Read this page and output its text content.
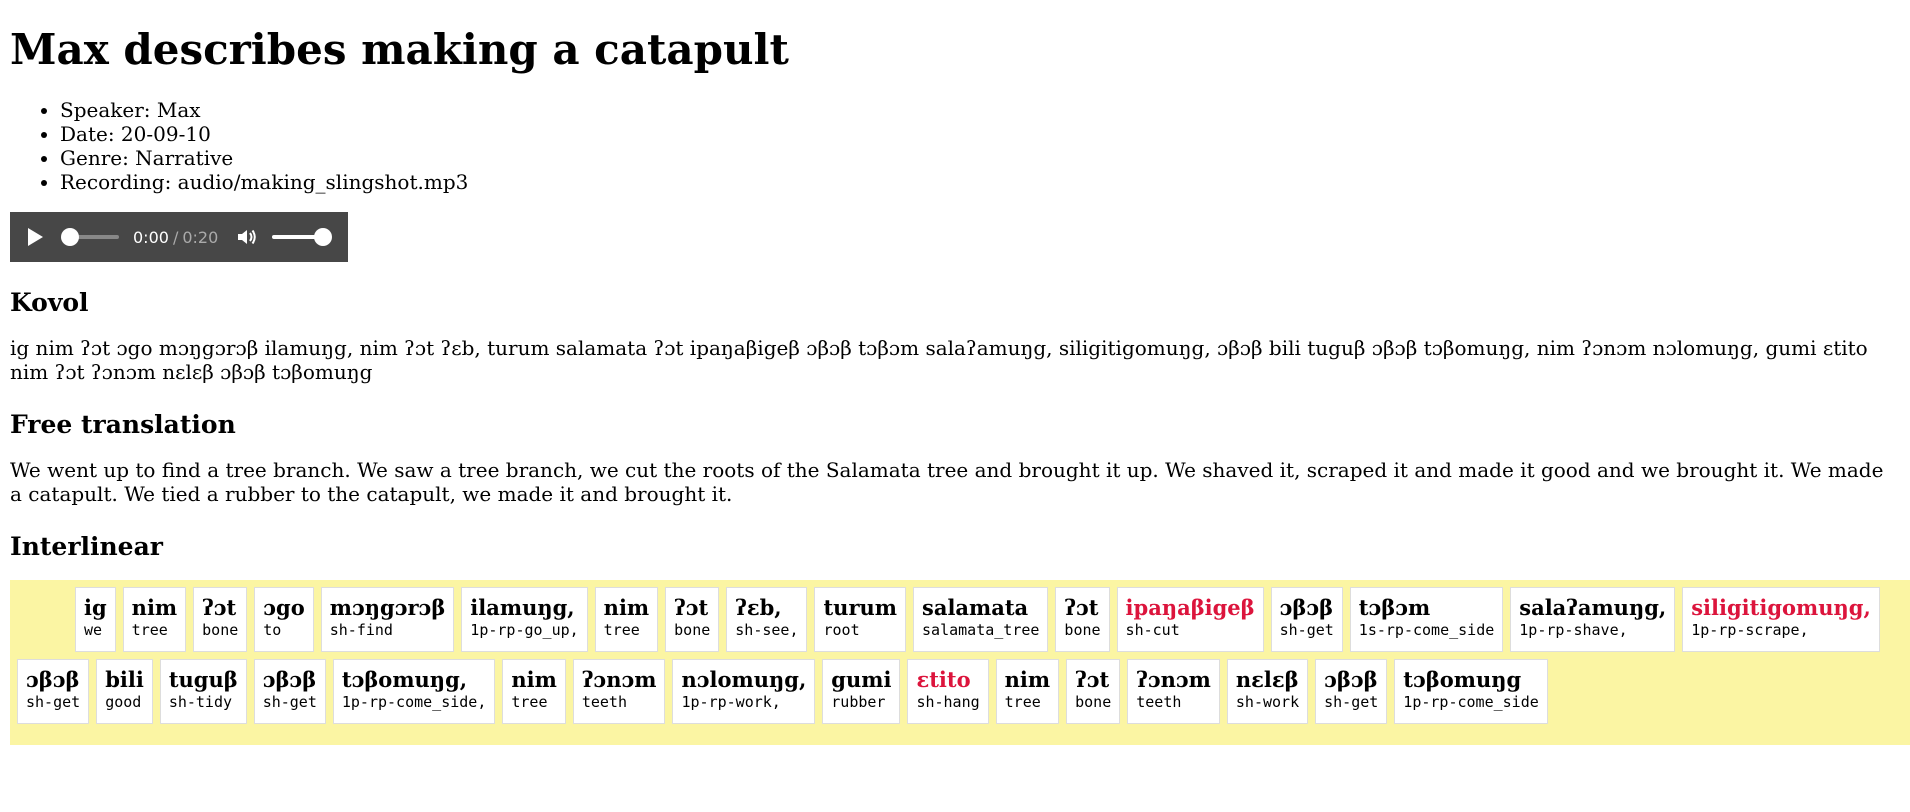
Max describes making a catapult
• Speaker: Max
• Date: 20-09-10
• Genre: Narrative
• Recording: audio/making_slingshot.mp3
0:00 / 0:20
Kovol

ig nim ʔɔt ɔgo mɔŋgɔrɔβ ilamuŋg, nim ʔɔt ʔɛb, turum salamata ʔɔt ipaŋaβigeβ ɔβɔβ tɔβɔm salaʔamuŋg, siligitigomuŋg, ɔβɔβ bili tuguβ ɔβɔβ tɔβomuŋg, nim ʔɔnɔm nɔlomuŋg, gumi ɛtito nim ʔɔt ʔɔnɔm nɛlɛβ ɔβɔβ tɔβomuŋg

Free translation

We went up to find a tree branch. We saw a tree branch, we cut the roots of the Salamata tree and brought it up. We shaved it, scraped it and made it good and we brought it. We made a catapult. We tied a rubber to the catapult, we made it and brought it.

Interlinear
ig
we
nim
tree
ʔɔt
bone
ɔgo
to
mɔŋgɔrɔβ
sh-find
ilamuŋg,
1p-rp-go_up,
nim
tree
ʔɔt
bone
ʔɛb,
sh-see,
turum
root
salamata
salamata_tree
ʔɔt
bone
ipaŋaβigeβ
sh-cut
ɔβɔβ
sh-get
tɔβɔm
1s-rp-come_side
salaʔamuŋg,
1p-rp-shave,
siligitigomuŋg,
1p-rp-scrape,
ɔβɔβ
sh-get
bili
good
tuguβ
sh-tidy
ɔβɔβ
sh-get
tɔβomuŋg,
1p-rp-come_side,
nim
tree
ʔɔnɔm
teeth
nɔlomuŋg,
1p-rp-work,
gumi
rubber
ɛtito
sh-hang
nim
tree
ʔɔt
bone
ʔɔnɔm
teeth
nɛlɛβ
sh-work
ɔβɔβ
sh-get
tɔβomuŋg
1p-rp-come_side
